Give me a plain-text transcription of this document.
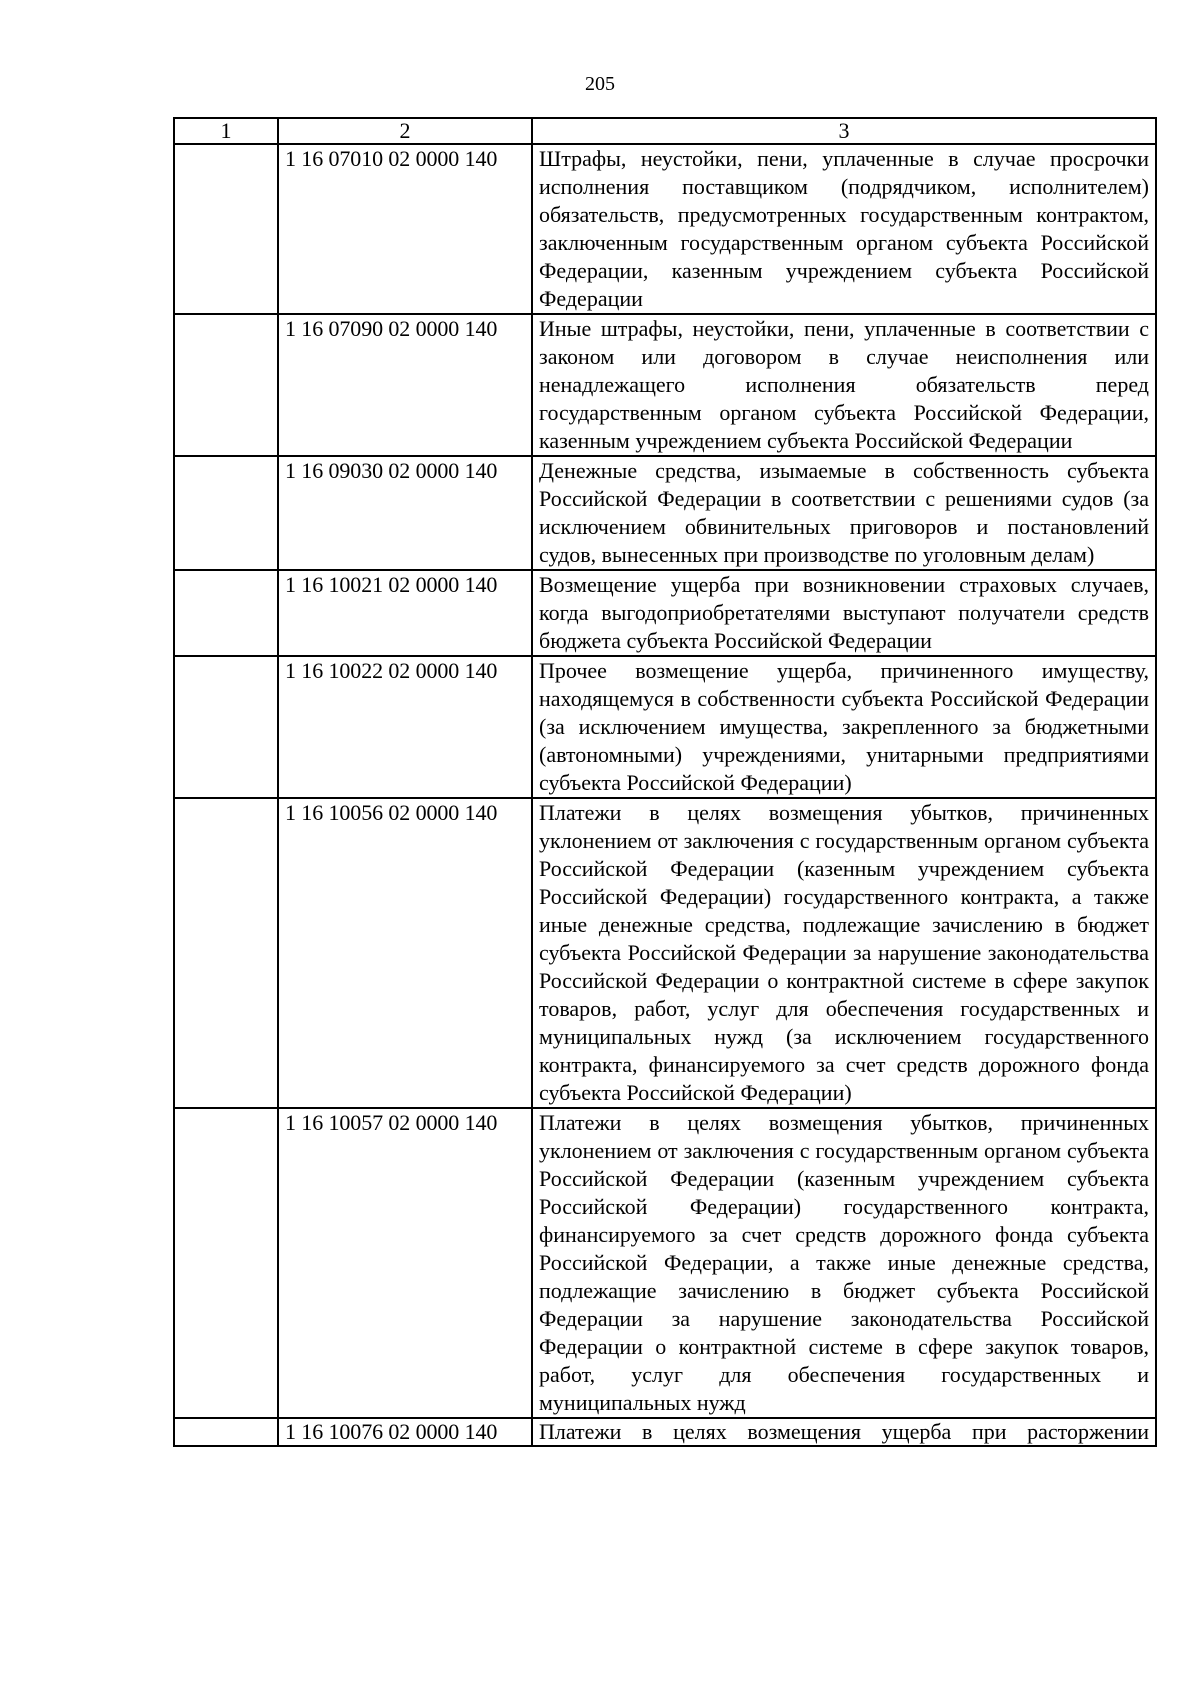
205
1	2	3
	1 16 07010 02 0000 140	Штрафы, неустойки, пени, уплаченные в случае просрочки исполнения поставщиком (подрядчиком, исполнителем) обязательств, предусмотренных государственным контрактом, заключенным государственным органом субъекта Российской Федерации, казенным учреждением субъекта Российской Федерации
	1 16 07090 02 0000 140	Иные штрафы, неустойки, пени, уплаченные в соответствии с законом или договором в случае неисполнения или ненадлежащего исполнения обязательств перед государственным органом субъекта Российской Федерации, казенным учреждением субъекта Российской Федерации
	1 16 09030 02 0000 140	Денежные средства, изымаемые в собственность субъекта Российской Федерации в соответствии с решениями судов (за исключением обвинительных приговоров и постановлений судов, вынесенных при производстве по уголовным делам)
	1 16 10021 02 0000 140	Возмещение ущерба при возникновении страховых случаев, когда выгодоприобретателями выступают получатели средств бюджета субъекта Российской Федерации
	1 16 10022 02 0000 140	Прочее возмещение ущерба, причиненного имуществу, находящемуся в собственности субъекта Российской Федерации (за исключением имущества, закрепленного за бюджетными (автономными) учреждениями, унитарными предприятиями субъекта Российской Федерации)
	1 16 10056 02 0000 140	Платежи в целях возмещения убытков, причиненных уклонением от заключения с государственным органом субъекта Российской Федерации (казенным учреждением субъекта Российской Федерации) государственного контракта, а также иные денежные средства, подлежащие зачислению в бюджет субъекта Российской Федерации за нарушение законодательства Российской Федерации о контрактной системе в сфере закупок товаров, работ, услуг для обеспечения государственных и муниципальных нужд (за исключением государственного контракта, финансируемого за счет средств дорожного фонда субъекта Российской Федерации)
	1 16 10057 02 0000 140	Платежи в целях возмещения убытков, причиненных уклонением от заключения с государственным органом субъекта Российской Федерации (казенным учреждением субъекта Российской Федерации) государственного контракта, финансируемого за счет средств дорожного фонда субъекта Российской Федерации, а также иные денежные средства, подлежащие зачислению в бюджет субъекта Российской Федерации за нарушение законодательства Российской Федерации о контрактной системе в сфере закупок товаров, работ, услуг для обеспечения государственных и муниципальных нужд
	1 16 10076 02 0000 140	Платежи в целях возмещения ущерба при расторжении
